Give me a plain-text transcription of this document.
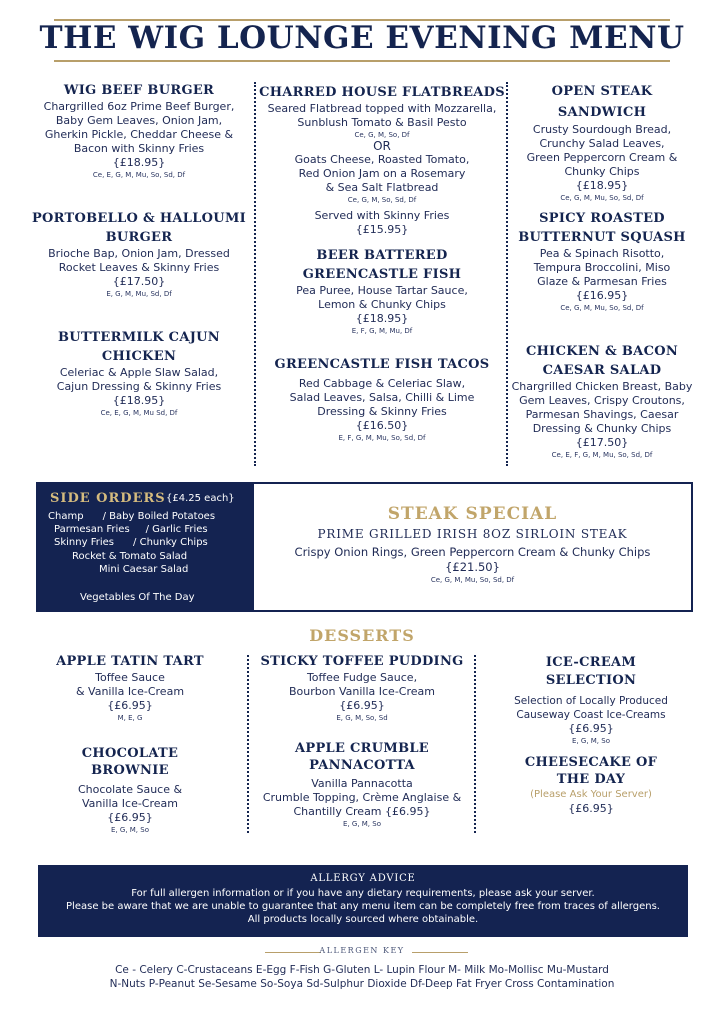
THE WIG LOUNGE EVENING MENU
WIG BEEF BURGER
Chargrilled 6oz Prime Beef Burger,
Baby Gem Leaves, Onion Jam,
Gherkin Pickle, Cheddar Cheese &
Bacon with Skinny Fries
{£18.95}
Ce, E, G, M, Mu, So, Sd, Df
PORTOBELLO & HALLOUMI
BURGER
Brioche Bap, Onion Jam, Dressed
Rocket Leaves & Skinny Fries
{£17.50}
E, G, M, Mu, Sd, Df
BUTTERMILK CAJUN
CHICKEN
Celeriac & Apple Slaw Salad,
Cajun Dressing & Skinny Fries
{£18.95}
Ce, E, G, M, Mu Sd, Df
CHARRED HOUSE FLATBREADS
Seared Flatbread topped with Mozzarella,
Sunblush Tomato & Basil Pesto
Ce, G, M, So, Df
OR
Goats Cheese, Roasted Tomato,
Red Onion Jam on a Rosemary
& Sea Salt Flatbread
Ce, G, M, So, Sd, Df
Served with Skinny Fries
{£15.95}
BEER BATTERED
GREENCASTLE FISH
Pea Puree, House Tartar Sauce,
Lemon & Chunky Chips
{£18.95}
E, F, G, M, Mu, Df
GREENCASTLE FISH TACOS
Red Cabbage & Celeriac Slaw,
Salad Leaves, Salsa, Chilli & Lime
Dressing & Skinny Fries
{£16.50}
E, F, G, M, Mu, So, Sd, Df
OPEN STEAK
SANDWICH
Crusty Sourdough Bread,
Crunchy Salad Leaves,
Green Peppercorn Cream &
Chunky Chips
{£18.95}
Ce, G, M, Mu, So, Sd, Df
SPICY ROASTED
BUTTERNUT SQUASH
Pea & Spinach Risotto,
Tempura Broccolini, Miso
Glaze & Parmesan Fries
{£16.95}
Ce, G, M, Mu, So, Sd, Df
CHICKEN & BACON
CAESAR SALAD
Chargrilled Chicken Breast, Baby
Gem Leaves, Crispy Croutons,
Parmesan Shavings, Caesar
Dressing & Chunky Chips
{£17.50}
Ce, E, F, G, M, Mu, So, Sd, Df
SIDE ORDERS {£4.25 each}
Champ      / Baby Boiled Potatoes
Parmesan Fries     / Garlic Fries
Skinny Fries      / Chunky Chips
Rocket & Tomato Salad
Mini Caesar Salad
Vegetables Of The Day
STEAK SPECIAL
PRIME GRILLED IRISH 8OZ SIRLOIN STEAK
Crispy Onion Rings, Green Peppercorn Cream & Chunky Chips
{£21.50}
Ce, G, M, Mu, So, Sd, Df
DESSERTS
APPLE TATIN TART
Toffee Sauce
& Vanilla Ice-Cream
{£6.95}
M, E, G
CHOCOLATE
BROWNIE
Chocolate Sauce &
Vanilla Ice-Cream
{£6.95}
E, G, M, So
STICKY TOFFEE PUDDING
Toffee Fudge Sauce,
Bourbon Vanilla Ice-Cream
{£6.95}
E, G, M, So, Sd
APPLE CRUMBLE
PANNACOTTA
Vanilla Pannacotta
Crumble Topping, Crème Anglaise &
Chantilly Cream {£6.95}
E, G, M, So
ICE-CREAM
SELECTION
Selection of Locally Produced
Causeway Coast Ice-Creams
{£6.95}
E, G, M, So
CHEESECAKE OF
THE DAY
(Please Ask Your Server)
{£6.95}
ALLERGY ADVICE
For full allergen information or if you have any dietary requirements, please ask your server.
Please be aware that we are unable to guarantee that any menu item can be completely free from traces of allergens.
All products locally sourced where obtainable.
ALLERGEN KEY
Ce - Celery C-Crustaceans E-Egg F-Fish G-Gluten L- Lupin Flour M- Milk Mo-Mollisc Mu-Mustard
N-Nuts P-Peanut Se-Sesame So-Soya Sd-Sulphur Dioxide Df-Deep Fat Fryer Cross Contamination
